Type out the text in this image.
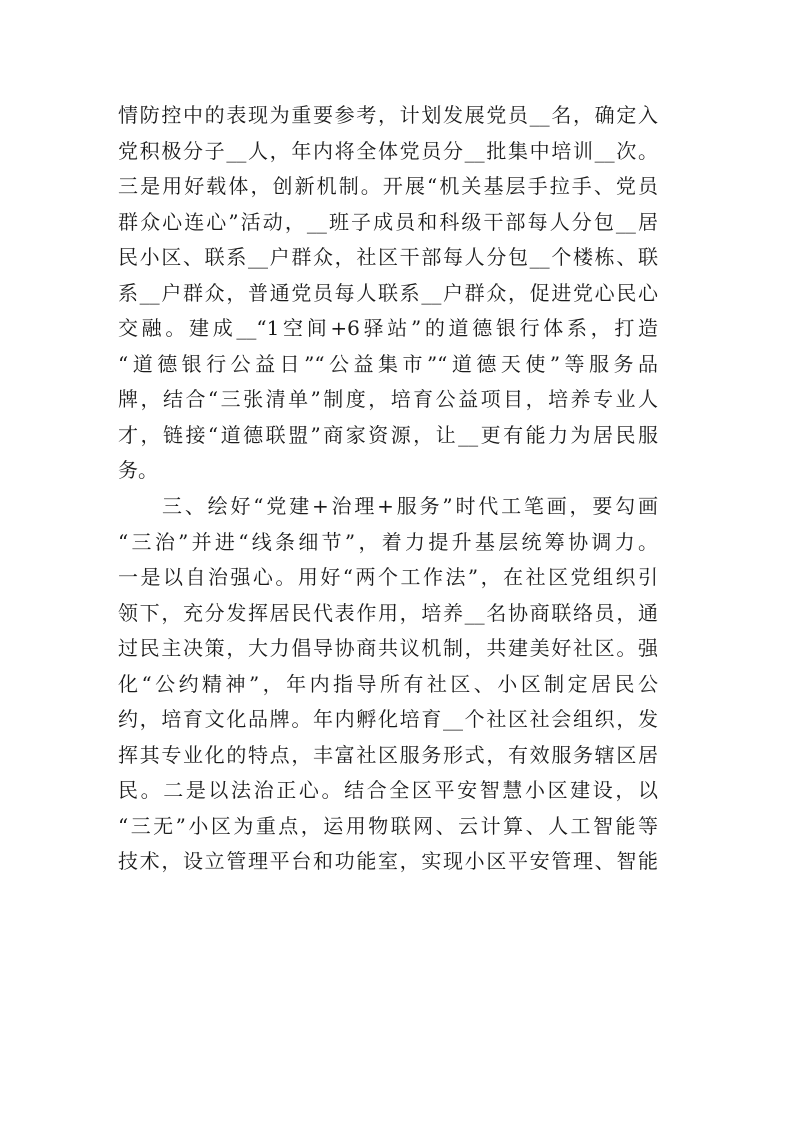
情防控中的表现为重要参考，计划发展党员__名，确定入
党积极分子__人，年内将全体党员分__批集中培训__次。
三是用好载体，创新机制。开展“机关基层手拉手、党员
群众心连心”活动，__班子成员和科级干部每人分包__居
民小区、联系__户群众，社区干部每人分包__个楼栋、联
系__户群众，普通党员每人联系__户群众，促进党心民心
交融。建成__“1空间+6驿站”的道德银行体系，打造
“道德银行公益日”“公益集市”“道德天使”等服务品
牌，结合“三张清单”制度，培育公益项目，培养专业人
才，链接“道德联盟”商家资源，让__更有能力为居民服
务。
三、绘好“党建+治理+服务”时代工笔画，要勾画
“三治”并进“线条细节”，着力提升基层统筹协调力。
一是以自治强心。用好“两个工作法”，在社区党组织引
领下，充分发挥居民代表作用，培养__名协商联络员，通
过民主决策，大力倡导协商共议机制，共建美好社区。强
化“公约精神”，年内指导所有社区、小区制定居民公
约，培育文化品牌。年内孵化培育__个社区社会组织，发
挥其专业化的特点，丰富社区服务形式，有效服务辖区居
民。二是以法治正心。结合全区平安智慧小区建设，以
“三无”小区为重点，运用物联网、云计算、人工智能等
技术，设立管理平台和功能室，实现小区平安管理、智能
